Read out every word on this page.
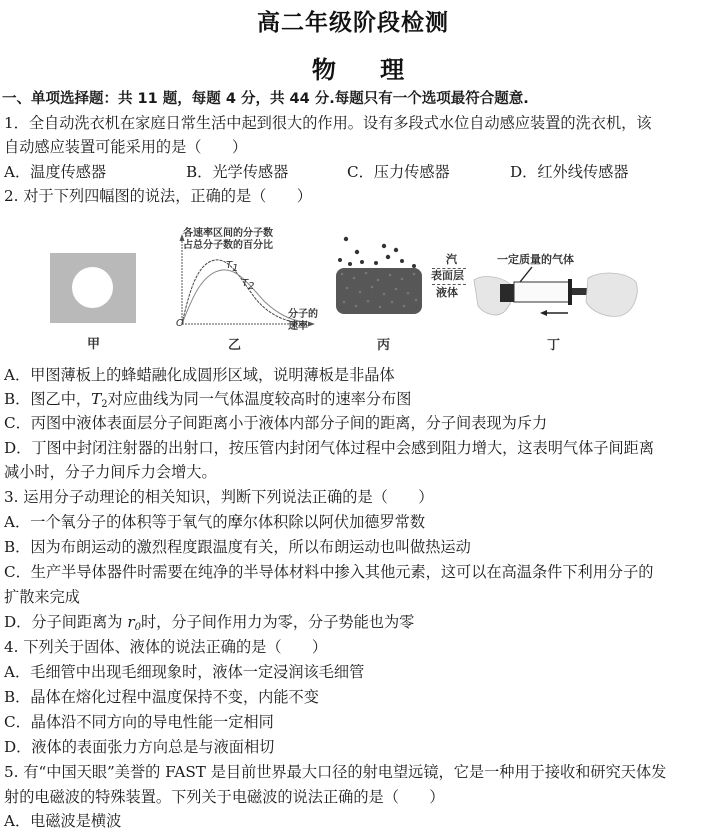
高二年级阶段检测
物 理
一、单项选择题：共 11 题，每题 4 分，共 44 分.每题只有一个选项最符合题意.
1．全自动洗衣机在家庭日常生活中起到很大的作用。设有多段式水位自动感应装置的洗衣机，该
自动感应装置可能采用的是（　　）
A．温度传感器	B．光学传感器	C．压力传感器	D．红外线传感器
2. 对于下列四幅图的说法，正确的是（　　）
甲
各速率区间的分子数
占总分子数的百分比
$T_1$
$T_2$
分子的
速率
O
乙
汽
表面层
液体
丙
一定质量的气体
丁
A．甲图薄板上的蜂蜡融化成圆形区域，说明薄板是非晶体
B．图乙中，$T_2$对应曲线为同一气体温度较高时的速率分布图
C．丙图中液体表面层分子间距离小于液体内部分子间的距离，分子间表现为斥力
D．丁图中封闭注射器的出射口，按压管内封闭气体过程中会感到阻力增大，这表明气体子间距离
减小时，分子力间斥力会增大。
3. 运用分子动理论的相关知识，判断下列说法正确的是（　　）
A．一个氧分子的体积等于氧气的摩尔体积除以阿伏加德罗常数
B．因为布朗运动的激烈程度跟温度有关，所以布朗运动也叫做热运动
C．生产半导体器件时需要在纯净的半导体材料中掺入其他元素，这可以在高温条件下利用分子的
扩散来完成
D．分子间距离为 $r_0$时，分子间作用力为零，分子势能也为零
4. 下列关于固体、液体的说法正确的是（　　）
A．毛细管中出现毛细现象时，液体一定浸润该毛细管
B．晶体在熔化过程中温度保持不变，内能不变
C．晶体沿不同方向的导电性能一定相同
D．液体的表面张力方向总是与液面相切
5. 有“中国天眼”美誉的 FAST 是目前世界最大口径的射电望远镜，它是一种用于接收和研究天体发
射的电磁波的特殊装置。下列关于电磁波的说法正确的是（　　）
A．电磁波是横波
